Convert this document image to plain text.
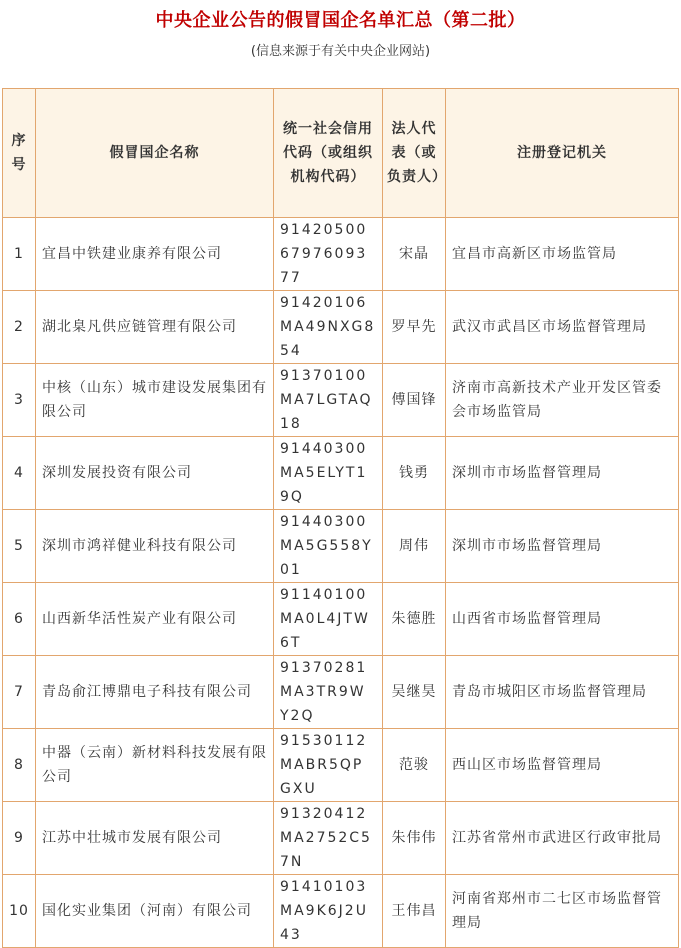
中央企业公告的假冒国企名单汇总（第二批）
(信息来源于有关中央企业网站)
序号	假冒国企名称	统一社会信用代码（或组织机构代码）	法人代表（或负责人）	注册登记机关
1	宜昌中铁建业康养有限公司	914205006797609377	宋晶	宜昌市高新区市场监管局
2	湖北臬凡供应链管理有限公司	91420106MA49NXG854	罗早先	武汉市武昌区市场监督管理局
3	中核（山东）城市建设发展集团有限公司	91370100MA7LGTAQ18	傅国锋	济南市高新技术产业开发区管委会市场监管局
4	深圳发展投资有限公司	91440300MA5ELYT19Q	钱勇	深圳市市场监督管理局
5	深圳市鸿祥健业科技有限公司	91440300MA5G558Y01	周伟	深圳市市场监督管理局
6	山西新华活性炭产业有限公司	91140100MA0L4JTW6T	朱德胜	山西省市场监督管理局
7	青岛俞江博鼎电子科技有限公司	91370281MA3TR9WY2Q	吴继昊	青岛市城阳区市场监督管理局
8	中器（云南）新材料科技发展有限公司	91530112MABR5QPGXU	范骏	西山区市场监督管理局
9	江苏中壮城市发展有限公司	91320412MA2752C57N	朱伟伟	江苏省常州市武进区行政审批局
10	国化实业集团（河南）有限公司	91410103MA9K6J2U43	王伟昌	河南省郑州市二七区市场监督管理局
